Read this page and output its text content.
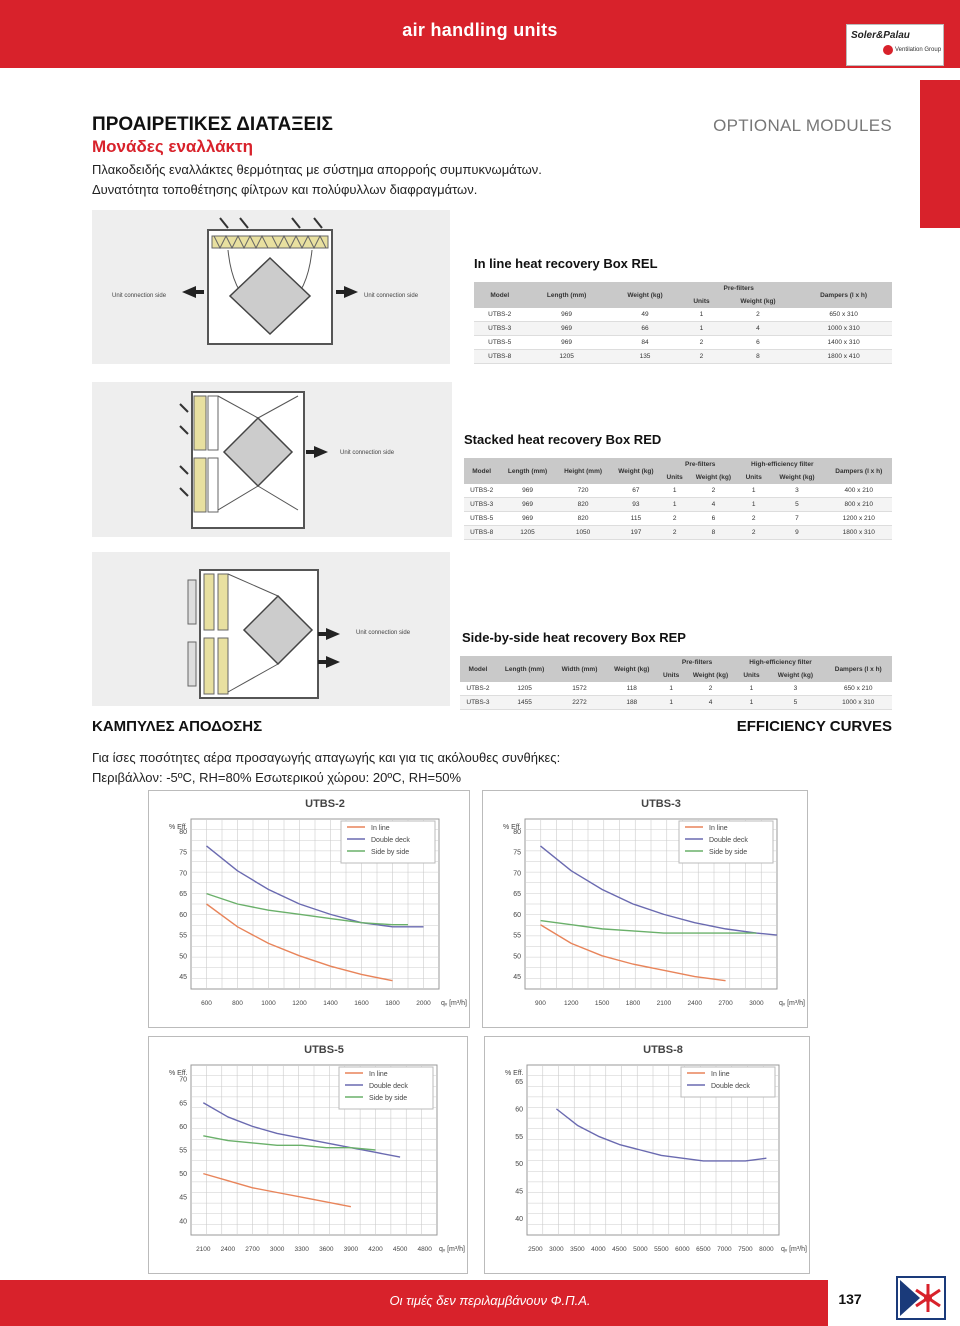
air handling units	Soler&Palau
Ventilation Group
ΠΡΟΑΙΡΕΤΙΚΕΣ ΔΙΑΤΑΞΕΙΣ
Μονάδες εναλλάκτη
Πλακοδειδής εναλλάκτες θερμότητας με σύστημα απορροής συμπυκνωμάτων.
Δυνατότητα τοποθέτησης φίλτρων και πολύφυλλων διαφραγμάτων.
OPTIONAL MODULES
Unit connection side	Unit connection side
In line heat recovery Box REL
Model	Length (mm)	Weight (kg)	Pre-filters		Dampers (l x h)
			Units	Weight (kg)	
UTBS-2	969	49	1	2	650 x 310
UTBS-3	969	66	1	4	1000 x 310
UTBS-5	969	84	2	6	1400 x 310
UTBS-8	1205	135	2	8	1800 x 410
Unit connection side
Stacked heat recovery Box RED
Model	Length (mm)	Height (mm)	Weight (kg)	Pre-filters		High-efficiency filter		Dampers (l x h)
				Units	Weight (kg)	Units	Weight (kg)	
UTBS-2	969	720	67	1	2	1	3	400 x 210
UTBS-3	969	820	93	1	4	1	5	800 x 210
UTBS-5	969	820	115	2	6	2	7	1200 x 210
UTBS-8	1205	1050	197	2	8	2	9	1800 x 310
Unit connection side	Side-by-side heat recovery Box REP
Model	Length (mm)	Width (mm)	Weight (kg)	Pre-filters		High-efficiency filter		Dampers (l x h)
				Units	Weight (kg)	Units	Weight (kg)	
UTBS-2	1205	1572	118	1	2	1	3	650 x 210
UTBS-3	1455	2272	188	1	4	1	5	1000 x 310
ΚΑΜΠΥΛΕΣ ΑΠΟΔΟΣΗΣ	EFFICIENCY CURVES
Για ίσες ποσότητες αέρα προσαγωγής απαγωγής και για τις ακόλουθες συνθήκες:
Περιβάλλον: -5ºC, RH=80% Εσωτερικού χώρου: 20ºC, RH=50%
UTBS-2
% Eff.
qᵥ [m³/h]
45
50
55
60
65
70
75
80
600	800	1000	1200	1400	1600	1800	2000
In line
Double deck
Side by side
UTBS-3
% Eff.
qᵥ [m³/h]
45
50
55
60
65
70
75
80
900	1200	1500	1800	2100	2400	2700	3000
In line
Double deck
Side by side
UTBS-5
% Eff.
qᵥ [m³/h]
40
45
50
55
60
65
70
2100 2400 2700 3000 3300 3600 3900 4200 4500 4800
In line
Double deck
Side by side
UTBS-8
% Eff.
qᵥ [m³/h]
40
45
50
55
60
65
2500 3000 3500 4000 4500 5000 5500 6000 6500 7000 7500 8000
In line
Double deck
Οι τιμές δεν περιλαμβάνουν Φ.Π.Α.	137
